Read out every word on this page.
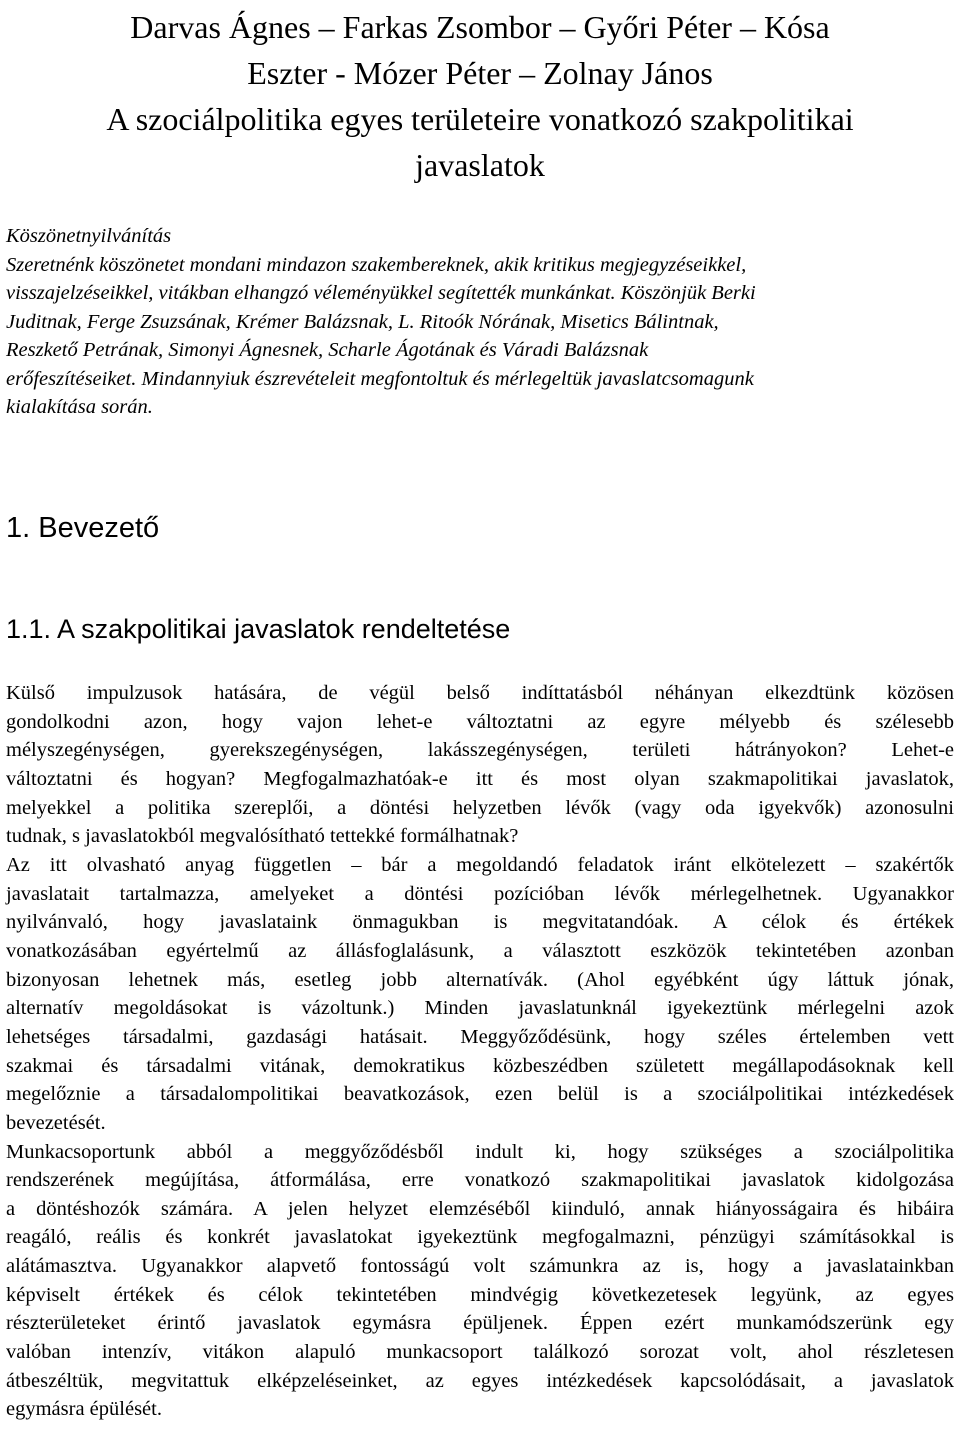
Darvas Ágnes – Farkas Zsombor – Győri Péter – Kósa
Eszter - Mózer Péter – Zolnay János
A szociálpolitika egyes területeire vonatkozó szakpolitikai
javaslatok
Köszönetnyilvánítás
Szeretnénk köszönetet mondani mindazon szakembereknek, akik kritikus megjegyzéseikkel,
visszajelzéseikkel, vitákban elhangzó véleményükkel segítették munkánkat. Köszönjük Berki
Juditnak, Ferge Zsuzsának, Krémer Balázsnak, L. Ritoók Nórának, Misetics Bálintnak,
Reszkető Petrának, Simonyi Ágnesnek, Scharle Ágotának és Váradi Balázsnak
erőfeszítéseiket. Mindannyiuk észrevételeit megfontoltuk és mérlegeltük javaslatcsomagunk
kialakítása során.
1. Bevezető
1.1. A szakpolitikai javaslatok rendeltetése
Külső impulzusok hatására, de végül belső indíttatásból néhányan elkezdtünk közösen
gondolkodni azon, hogy vajon lehet-e változtatni az egyre mélyebb és szélesebb
mélyszegénységen, gyerekszegénységen, lakásszegénységen, területi hátrányokon? Lehet-e
változtatni és hogyan? Megfogalmazhatóak-e itt és most olyan szakmapolitikai javaslatok,
melyekkel a politika szereplői, a döntési helyzetben lévők (vagy oda igyekvők) azonosulni
tudnak, s javaslatokból megvalósítható tettekké formálhatnak?
Az itt olvasható anyag független – bár a megoldandó feladatok iránt elkötelezett – szakértők
javaslatait tartalmazza, amelyeket a döntési pozícióban lévők mérlegelhetnek. Ugyanakkor
nyilvánvaló, hogy javaslataink önmagukban is megvitatandóak. A célok és értékek
vonatkozásában egyértelmű az állásfoglalásunk, a választott eszközök tekintetében azonban
bizonyosan lehetnek más, esetleg jobb alternatívák. (Ahol egyébként úgy láttuk jónak,
alternatív megoldásokat is vázoltunk.) Minden javaslatunknál igyekeztünk mérlegelni azok
lehetséges társadalmi, gazdasági hatásait. Meggyőződésünk, hogy széles értelemben vett
szakmai és társadalmi vitának, demokratikus közbeszédben született megállapodásoknak kell
megelőznie a társadalompolitikai beavatkozások, ezen belül is a szociálpolitikai intézkedések
bevezetését.
Munkacsoportunk abból a meggyőződésből indult ki, hogy szükséges a szociálpolitika
rendszerének megújítása, átformálása, erre vonatkozó szakmapolitikai javaslatok kidolgozása
a döntéshozók számára. A jelen helyzet elemzéséből kiinduló, annak hiányosságaira és hibáira
reagáló, reális és konkrét javaslatokat igyekeztünk megfogalmazni, pénzügyi számításokkal is
alátámasztva. Ugyanakkor alapvető fontosságú volt számunkra az is, hogy a javaslatainkban
képviselt értékek és célok tekintetében mindvégig következetesek legyünk, az egyes
részterületeket érintő javaslatok egymásra épüljenek. Éppen ezért munkamódszerünk egy
valóban intenzív, vitákon alapuló munkacsoport találkozó sorozat volt, ahol részletesen
átbeszéltük, megvitattuk elképzeléseinket, az egyes intézkedések kapcsolódásait, a javaslatok
egymásra épülését.
